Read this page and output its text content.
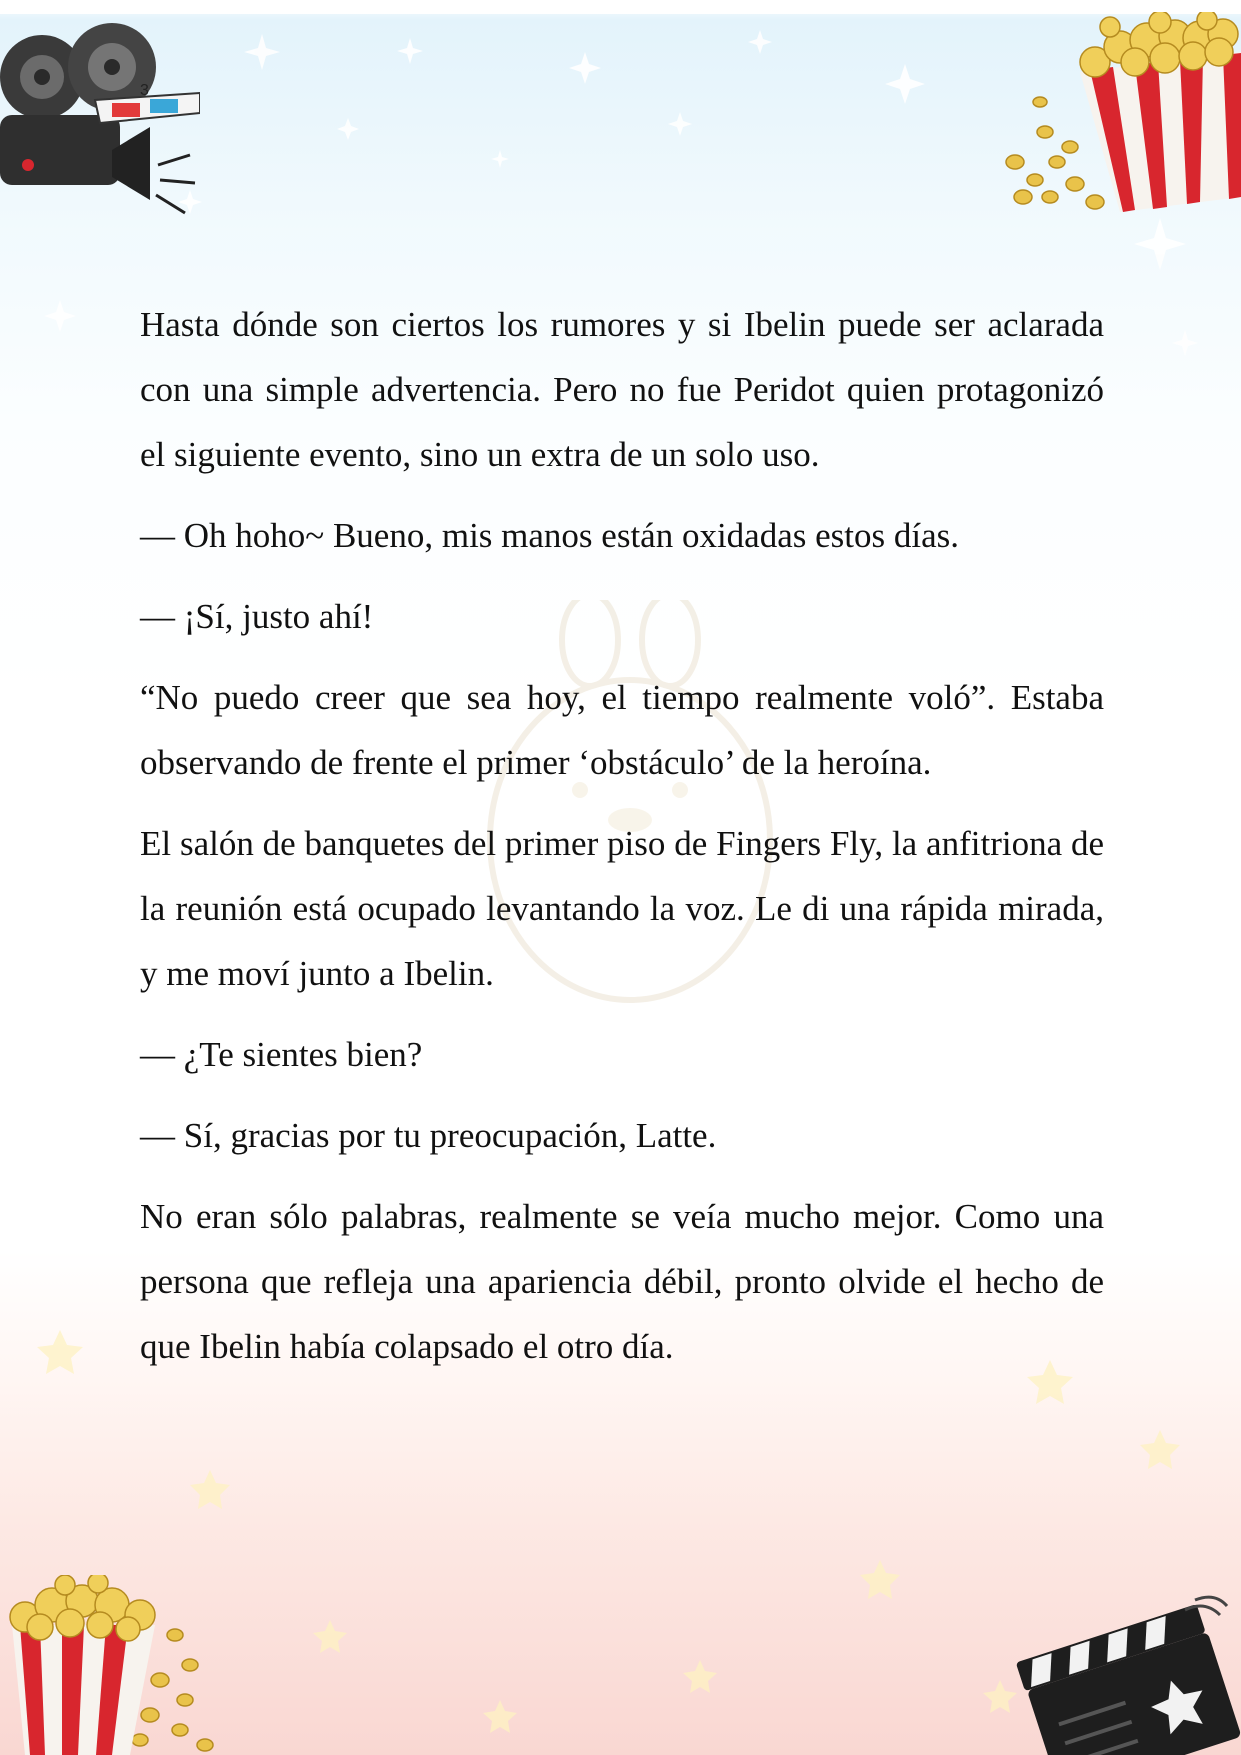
3

Hasta dónde son ciertos los rumores y si Ibelin puede ser aclarada con una simple advertencia. Pero no fue Peridot quien protagonizó el siguiente evento, sino un extra de un solo uso.

— Oh hoho~ Bueno, mis manos están oxidadas estos días.

— ¡Sí, justo ahí!

“No puedo creer que sea hoy, el tiempo realmente voló”. Estaba observando de frente el primer ‘obstáculo’ de la heroína.

El salón de banquetes del primer piso de Fingers Fly, la anfitriona de la reunión está ocupado levantando la voz. Le di una rápida mirada, y me moví junto a Ibelin.

— ¿Te sientes bien?

— Sí, gracias por tu preocupación, Latte.

No eran sólo palabras, realmente se veía mucho mejor. Como una persona que refleja una apariencia débil, pronto olvide el hecho de que Ibelin había colapsado el otro día.
